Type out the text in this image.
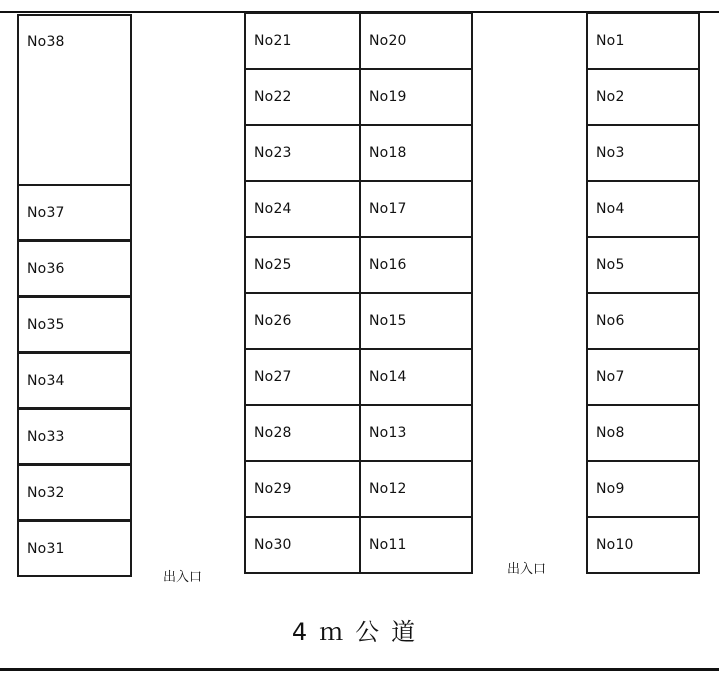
No38
No37
No36
No35
No34
No33
No32
No31
No21
No22
No23
No24
No25
No26
No27
No28
No29
No30
No20
No19
No18
No17
No16
No15
No14
No13
No12
No11
No1
No2
No3
No4
No5
No6
No7
No8
No9
No10
出入口
出入口
4ｍ公道
